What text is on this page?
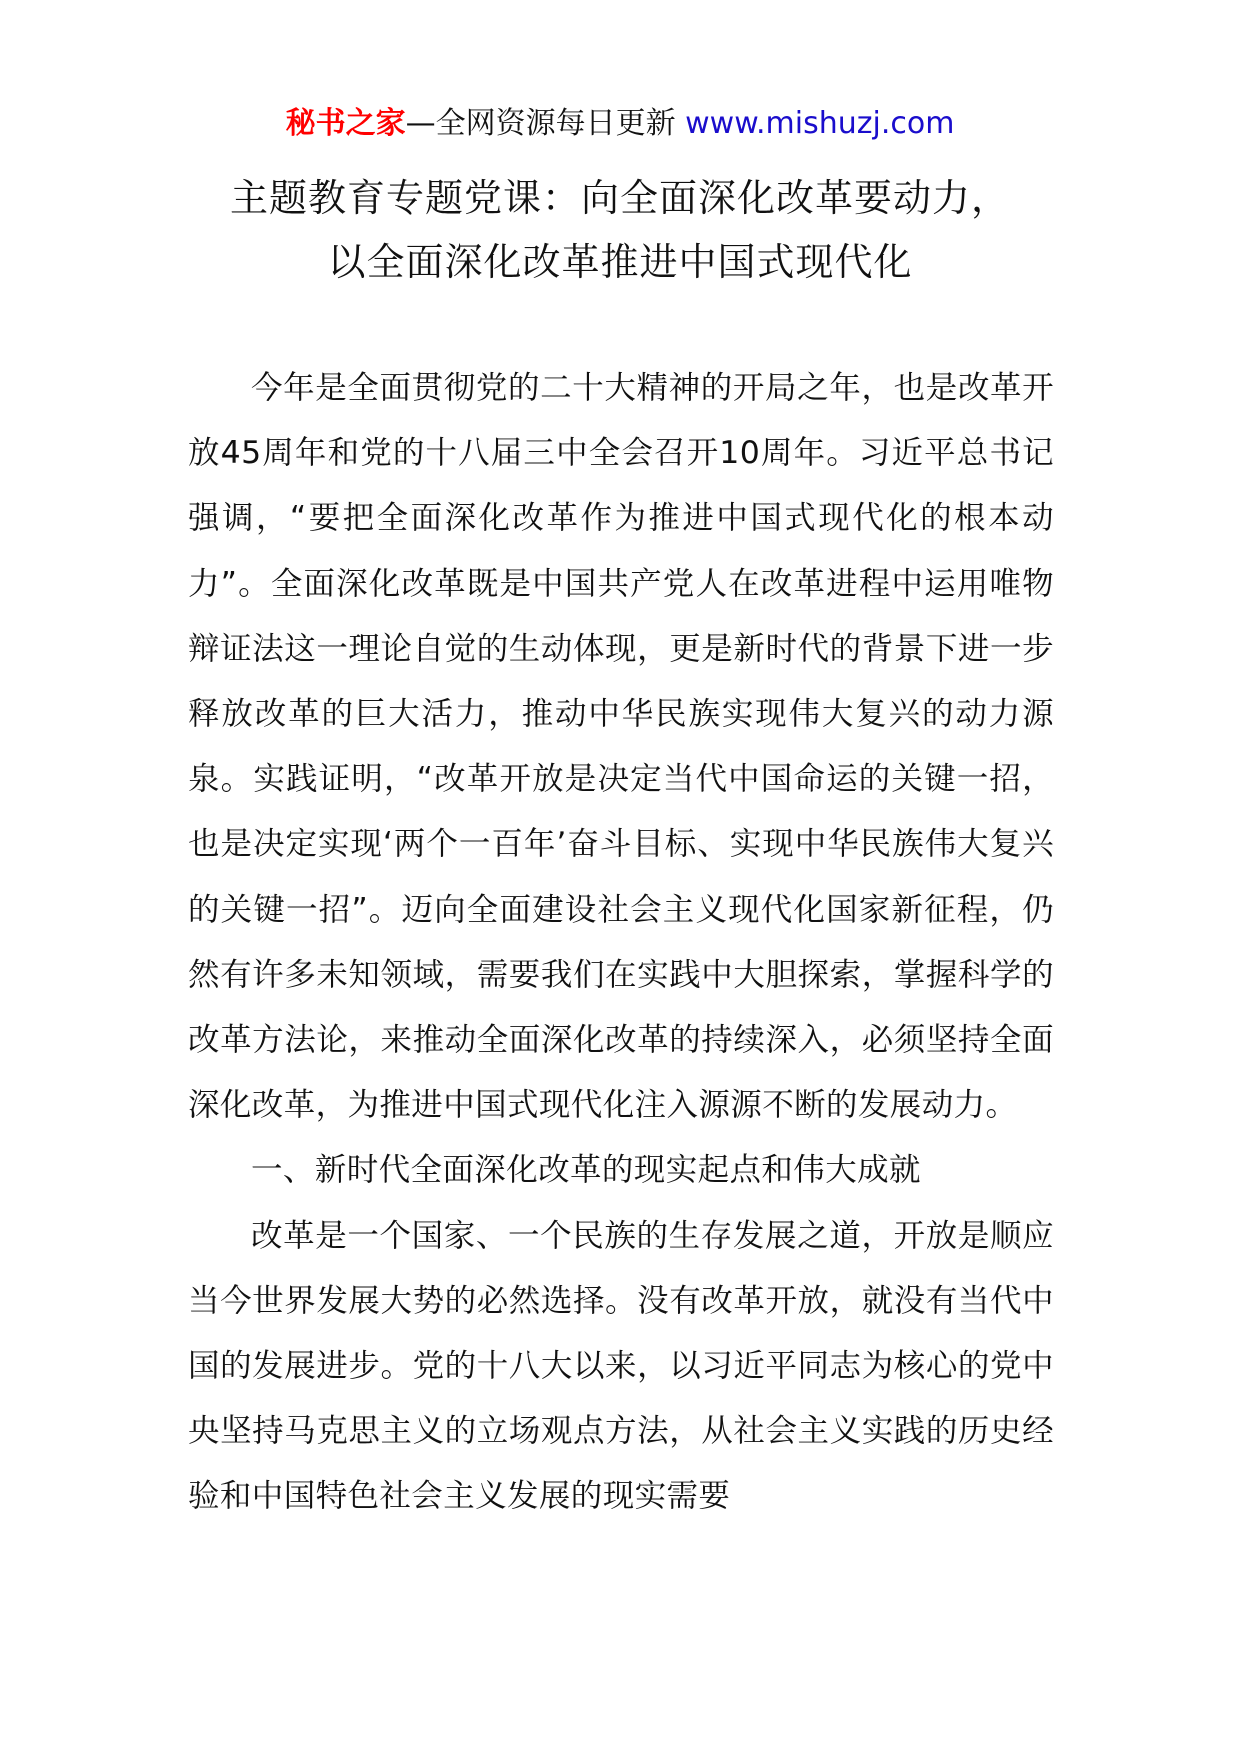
秘书之家—全网资源每日更新 www.mishuzj.com
主题教育专题党课：向全面深化改革要动力，
以全面深化改革推进中国式现代化

今年是全面贯彻党的二十大精神的开局之年，也是改革开放45周年和党的十八届三中全会召开10周年。习近平总书记强调，“要把全面深化改革作为推进中国式现代化的根本动力”。全面深化改革既是中国共产党人在改革进程中运用唯物辩证法这一理论自觉的生动体现，更是新时代的背景下进一步释放改革的巨大活力，推动中华民族实现伟大复兴的动力源泉。实践证明，“改革开放是决定当代中国命运的关键一招，也是决定实现‘两个一百年’奋斗目标、实现中华民族伟大复兴的关键一招”。迈向全面建设社会主义现代化国家新征程，仍然有许多未知领域，需要我们在实践中大胆探索，掌握科学的改革方法论，来推动全面深化改革的持续深入，必须坚持全面深化改革，为推进中国式现代化注入源源不断的发展动力。

一、新时代全面深化改革的现实起点和伟大成就

改革是一个国家、一个民族的生存发展之道，开放是顺应当今世界发展大势的必然选择。没有改革开放，就没有当代中国的发展进步。党的十八大以来，以习近平同志为核心的党中央坚持马克思主义的立场观点方法，从社会主义实践的历史经验和中国特色社会主义发展的现实需要
